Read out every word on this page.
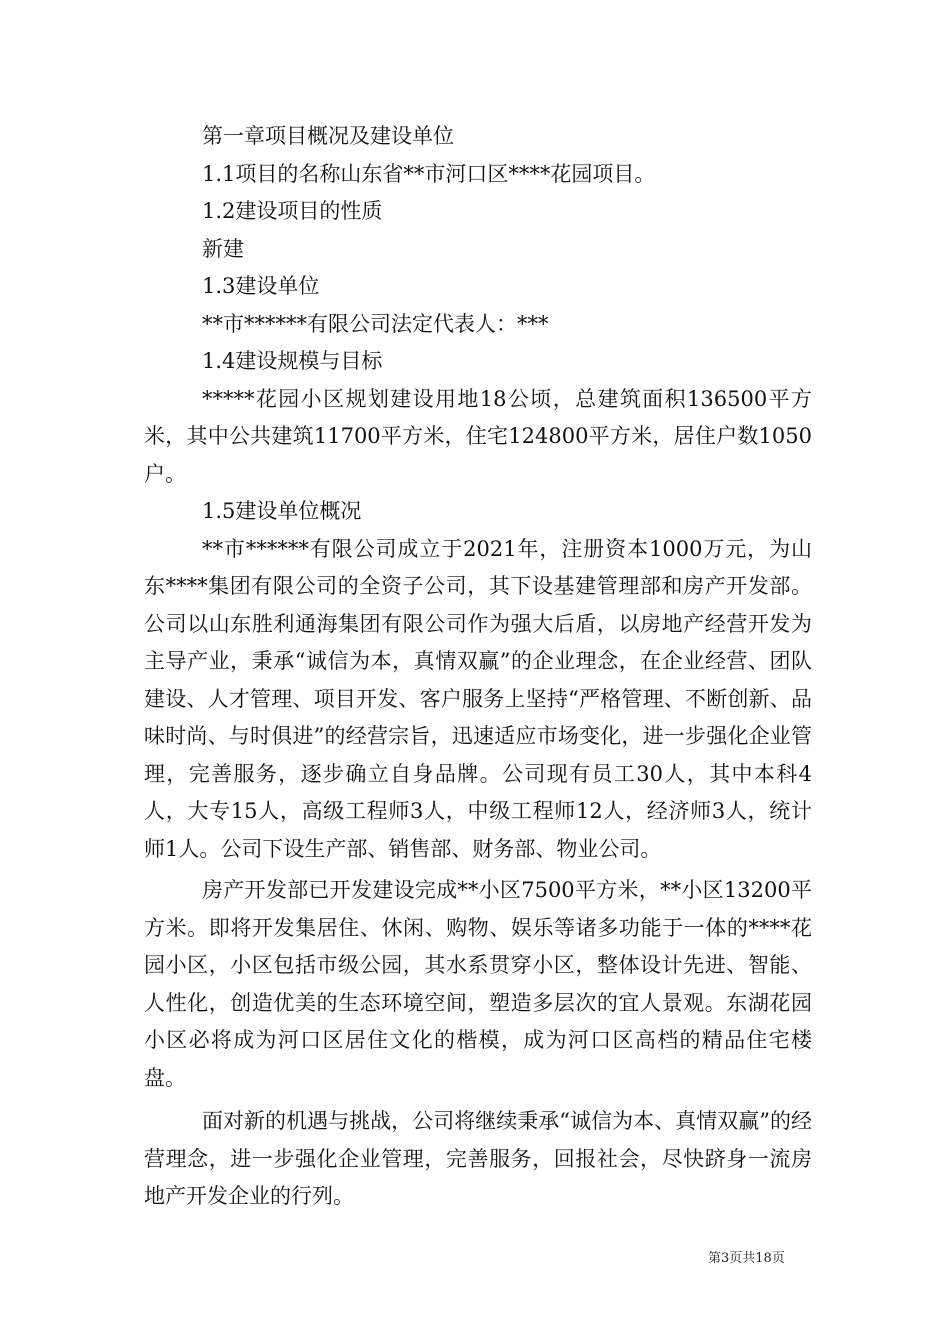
第一章项目概况及建设单位

1.1项目的名称山东省**市河口区****花园项目。

1.2建设项目的性质

新建

1.3建设单位

**市******有限公司法定代表人：***

1.4建设规模与目标

*****花园小区规划建设用地18公顷，总建筑面积136500平方米，其中公共建筑11700平方米，住宅124800平方米，居住户数1050户。

1.5建设单位概况

**市******有限公司成立于2021年，注册资本1000万元，为山东****集团有限公司的全资子公司，其下设基建管理部和房产开发部。公司以山东胜利通海集团有限公司作为强大后盾，以房地产经营开发为主导产业，秉承“诚信为本，真情双赢”的企业理念，在企业经营、团队建设、人才管理、项目开发、客户服务上坚持“严格管理、不断创新、品味时尚、与时俱进”的经营宗旨，迅速适应市场变化，进一步强化企业管理，完善服务，逐步确立自身品牌。公司现有员工30人，其中本科4人，大专15人，高级工程师3人，中级工程师12人，经济师3人，统计师1人。公司下设生产部、销售部、财务部、物业公司。

房产开发部已开发建设完成**小区7500平方米，**小区13200平方米。即将开发集居住、休闲、购物、娱乐等诸多功能于一体的****花园小区，小区包括市级公园，其水系贯穿小区，整体设计先进、智能、人性化，创造优美的生态环境空间，塑造多层次的宜人景观。东湖花园小区必将成为河口区居住文化的楷模，成为河口区高档的精品住宅楼盘。

面对新的机遇与挑战，公司将继续秉承“诚信为本、真情双赢”的经营理念，进一步强化企业管理，完善服务，回报社会，尽快跻身一流房地产开发企业的行列。

第3页共18页
